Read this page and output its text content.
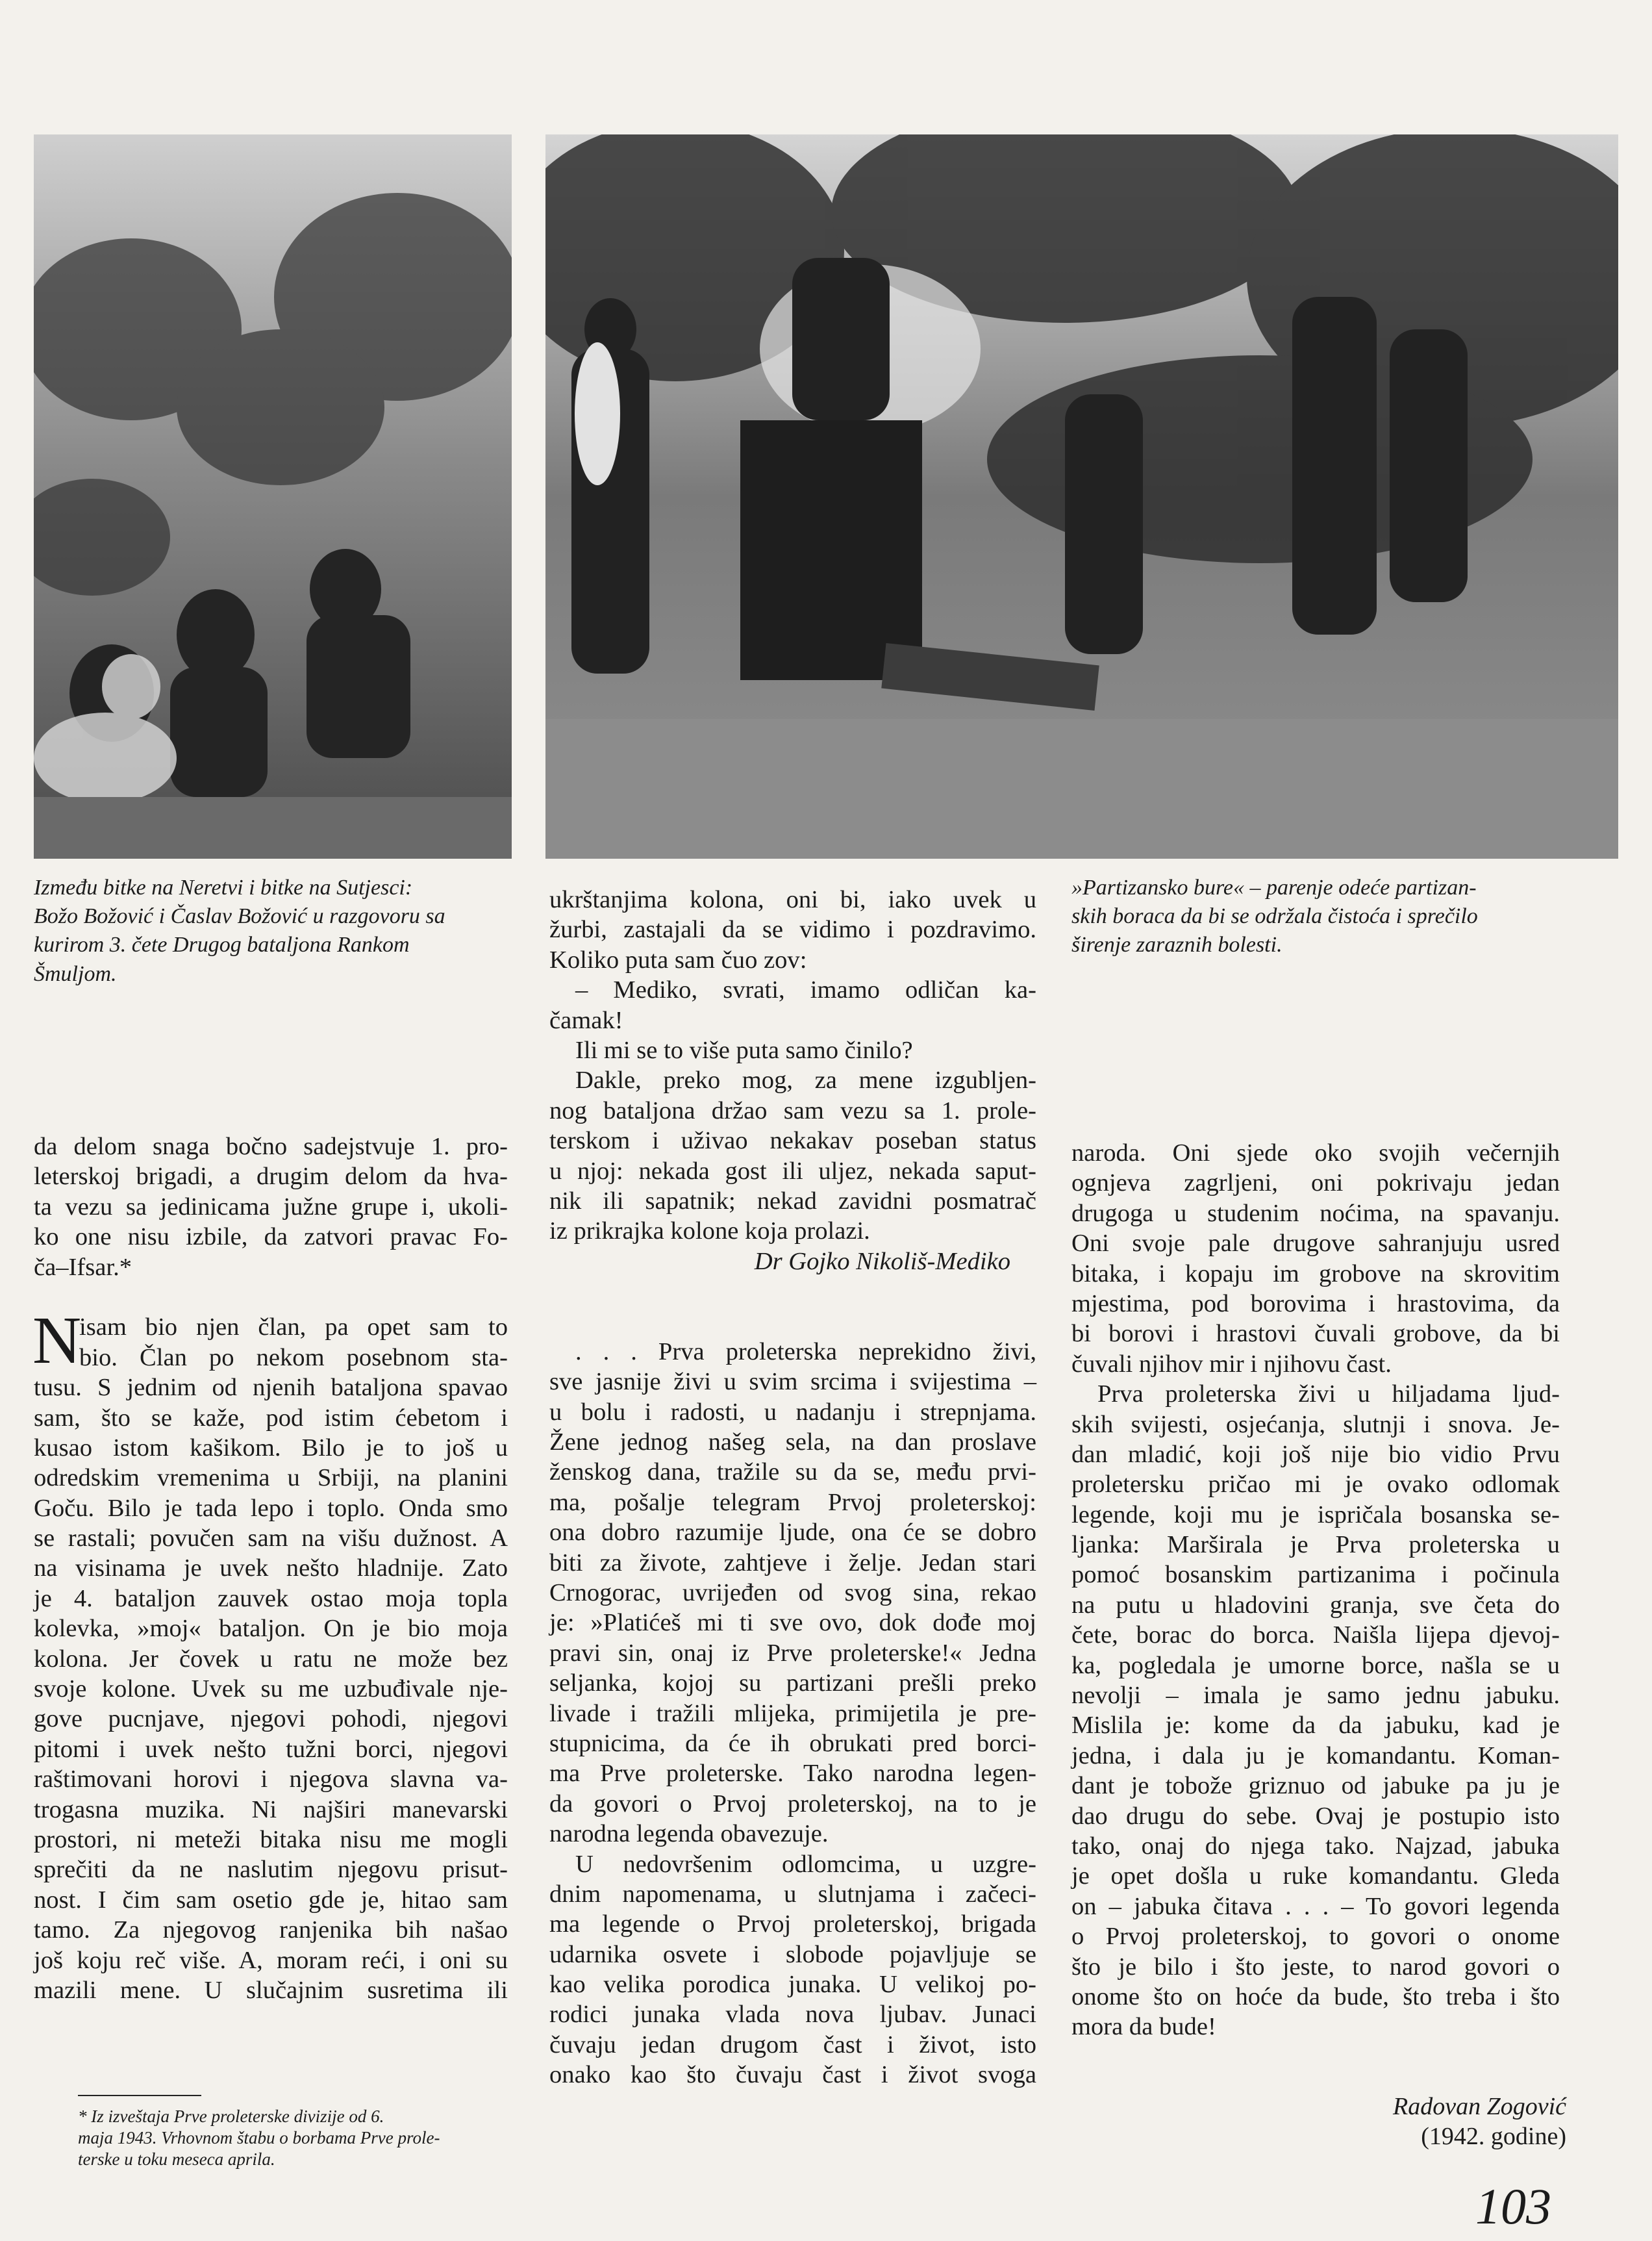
Između bitke na Neretvi i bitke na Sutjesci:
Božo Božović i Časlav Božović u razgovoru sa
kurirom 3. čete Drugog bataljona Rankom
Šmuljom.
»Partizansko bure« – parenje odeće partizan-
skih boraca da bi se održala čistoća i sprečilo
širenje zaraznih bolesti.
da delom snaga bočno sadejstvuje 1. pro-
leterskoj brigadi, a drugim delom da hva-
ta vezu sa jedinicama južne grupe i, ukoli-
ko one nisu izbile, da zatvori pravac Fo-
ča–Ifsar.*
N
isam bio njen član, pa opet sam to
bio. Član po nekom posebnom sta-
tusu. S jednim od njenih bataljona spavao
sam, što se kaže, pod istim ćebetom i
kusao istom kašikom. Bilo je to još u
odredskim vremenima u Srbiji, na planini
Goču. Bilo je tada lepo i toplo. Onda smo
se rastali; povučen sam na višu dužnost. A
na visinama je uvek nešto hladnije. Zato
je 4. bataljon zauvek ostao moja topla
kolevka, »moj« bataljon. On je bio moja
kolona. Jer čovek u ratu ne može bez
svoje kolone. Uvek su me uzbuđivale nje-
gove pucnjave, njegovi pohodi, njegovi
pitomi i uvek nešto tužni borci, njegovi
raštimovani horovi i njegova slavna va-
trogasna muzika. Ni najširi manevarski
prostori, ni meteži bitaka nisu me mogli
sprečiti da ne naslutim njegovu prisut-
nost. I čim sam osetio gde je, hitao sam
tamo. Za njegovog ranjenika bih našao
još koju reč više. A, moram reći, i oni su
mazili mene. U slučajnim susretima ili
* Iz izveštaja Prve proleterske divizije od 6.
maja 1943. Vrhovnom štabu o borbama Prve prole-
terske u toku meseca aprila.
ukrštanjima kolona, oni bi, iako uvek u
žurbi, zastajali da se vidimo i pozdravimo.
Koliko puta sam čuo zov:
– Mediko, svrati, imamo odličan ka-
čamak!
Ili mi se to više puta samo činilo?
Dakle, preko mog, za mene izgubljen-
nog bataljona držao sam vezu sa 1. prole-
terskom i uživao nekakav poseban status
u njoj: nekada gost ili uljez, nekada saput-
nik ili sapatnik; nekad zavidni posmatrač
iz prikrajka kolone koja prolazi.
Dr Gojko Nikoliš-Mediko
. . . Prva proleterska neprekidno živi,
sve jasnije živi u svim srcima i svijestima –
u bolu i radosti, u nadanju i strepnjama.
Žene jednog našeg sela, na dan proslave
ženskog dana, tražile su da se, među prvi-
ma, pošalje telegram Prvoj proleterskoj:
ona dobro razumije ljude, ona će se dobro
biti za živote, zahtjeve i želje. Jedan stari
Crnogorac, uvrijeđen od svog sina, rekao
je: »Platićeš mi ti sve ovo, dok dođe moj
pravi sin, onaj iz Prve proleterske!« Jedna
seljanka, kojoj su partizani prešli preko
livade i tražili mlijeka, primijetila je pre-
stupnicima, da će ih obrukati pred borci-
ma Prve proleterske. Tako narodna legen-
da govori o Prvoj proleterskoj, na to je
narodna legenda obavezuje.
U nedovršenim odlomcima, u uzgre-
dnim napomenama, u slutnjama i začeci-
ma legende o Prvoj proleterskoj, brigada
udarnika osvete i slobode pojavljuje se
kao velika porodica junaka. U velikoj po-
rodici junaka vlada nova ljubav. Junaci
čuvaju jedan drugom čast i život, isto
onako kao što čuvaju čast i život svoga
naroda. Oni sjede oko svojih večernjih
ognjeva zagrljeni, oni pokrivaju jedan
drugoga u studenim noćima, na spavanju.
Oni svoje pale drugove sahranjuju usred
bitaka, i kopaju im grobove na skrovitim
mjestima, pod borovima i hrastovima, da
bi borovi i hrastovi čuvali grobove, da bi
čuvali njihov mir i njihovu čast.
Prva proleterska živi u hiljadama ljud-
skih svijesti, osjećanja, slutnji i snova. Je-
dan mladić, koji još nije bio vidio Prvu
proletersku pričao mi je ovako odlomak
legende, koji mu je ispričala bosanska se-
ljanka: Marširala je Prva proleterska u
pomoć bosanskim partizanima i počinula
na putu u hladovini granja, sve četa do
čete, borac do borca. Naišla lijepa djevoj-
ka, pogledala je umorne borce, našla se u
nevolji – imala je samo jednu jabuku.
Mislila je: kome da da jabuku, kad je
jedna, i dala ju je komandantu. Koman-
dant je tobože griznuo od jabuke pa ju je
dao drugu do sebe. Ovaj je postupio isto
tako, onaj do njega tako. Najzad, jabuka
je opet došla u ruke komandantu. Gleda
on – jabuka čitava . . . – To govori legenda
o Prvoj proleterskoj, to govori o onome
što je bilo i što jeste, to narod govori o
onome što on hoće da bude, što treba i što
mora da bude!
Radovan Zogović
(1942. godine)
103
